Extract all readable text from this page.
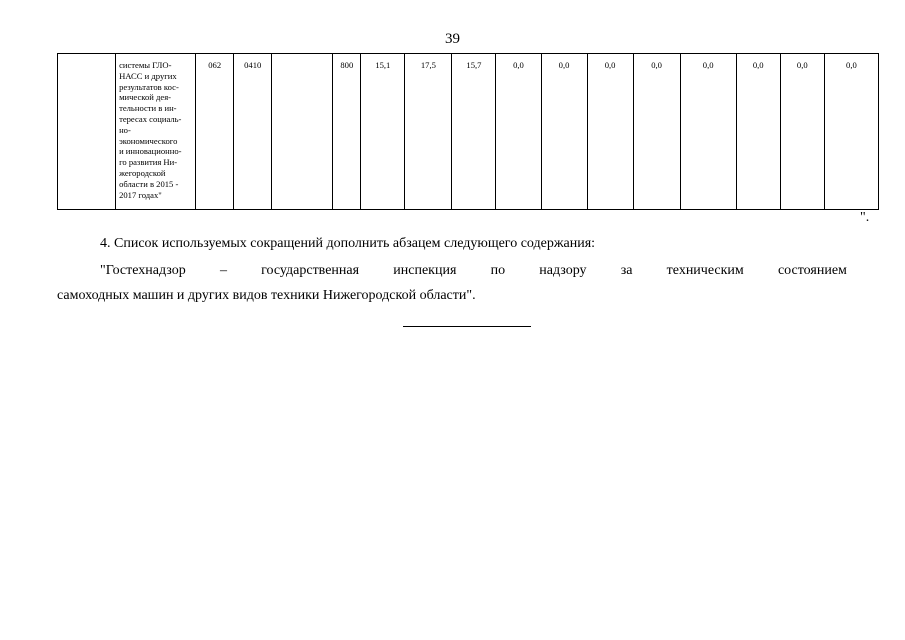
39

системы ГЛО-
НАСС и других
результатов кос-
мической дея-
тельности в ин-
тересах социаль-
но-
экономического
и инновационно-
го развития Ни-
жегородской
области в 2015 -
2017 годах"
	062	0410		800	15,1	17,5	15,7	0,0	0,0	0,0	0,0	0,0	0,0	0,0	0,0
".
4. Список используемых сокращений дополнить абзацем следующего содержания:
"Гостехнадзор – государственная инспекция по надзору за техническим состоянием
самоходных машин и других видов техники Нижегородской области".
